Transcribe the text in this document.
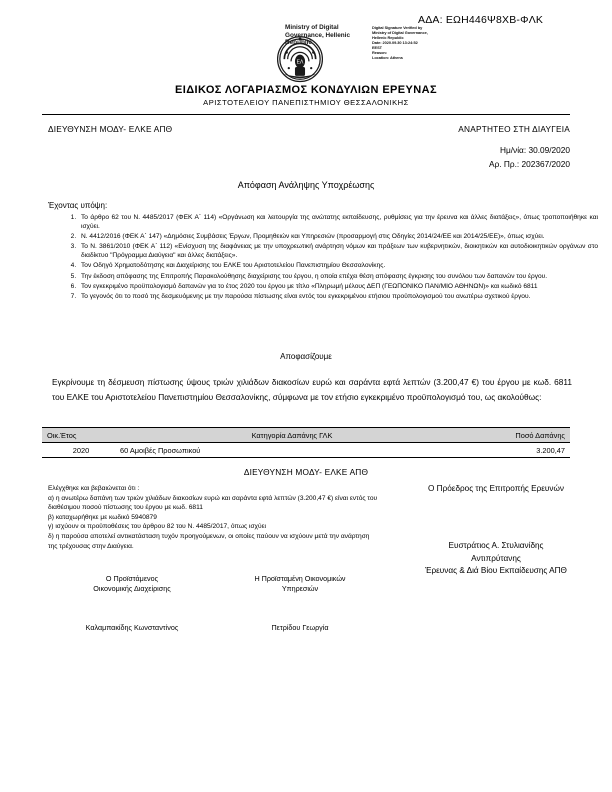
ΑΔΑ: ΕΩΗ446Ψ8ΧΒ-ΦΛΚ
ΕΛ
Ministry of Digital Governance, Hellenic Republic
Digital Signature Verified by
Ministry of Digital Governance,
Hellenic Republic
Date: 2020.09.30 13:24:52
EEST
Reason:
Location: Athens
ΕΙΔΙΚΟΣ ΛΟΓΑΡΙΑΣΜΟΣ ΚΟΝΔΥΛΙΩΝ ΕΡΕΥΝΑΣ
ΑΡΙΣΤΟΤΕΛΕΙΟΥ ΠΑΝΕΠΙΣΤΗΜΙΟΥ ΘΕΣΣΑΛΟΝΙΚΗΣ
ΔΙΕΥΘΥΝΣΗ ΜΟΔΥ- ΕΛΚΕ ΑΠΘ	ΑΝΑΡΤΗΤΕΟ ΣΤΗ ΔΙΑΥΓΕΙΑ
Ημ/νία: 30.09/2020
Αρ. Πρ.: 202367/2020
Απόφαση Ανάληψης Υποχρέωσης
Έχοντας υπόψη:
1. Το άρθρο 62 του Ν. 4485/2017 (ΦΕΚ Α΄ 114) «Οργάνωση και λειτουργία της ανώτατης εκπαίδευσης, ρυθμίσεις για την έρευνα και άλλες διατάξεις», όπως τροποποιήθηκε και ισχύει.
2. Ν. 4412/2016 (ΦΕΚ Α΄ 147) «Δημόσιες Συμβάσεις Έργων, Προμηθειών και Υπηρεσιών (προσαρμογή στις Οδηγίες 2014/24/ΕΕ και 2014/25/ΕΕ)», όπως ισχύει.
3. Το Ν. 3861/2010 (ΦΕΚ Α΄ 112) «Ενίσχυση της διαφάνειας με την υποχρεωτική ανάρτηση νόμων και πράξεων των κυβερνητικών, διοικητικών και αυτοδιοικητικών οργάνων στο διαδίκτυο "Πρόγραμμα Διαύγεια" και άλλες διατάξεις».
4. Τον Οδηγό Χρηματοδότησης και Διαχείρισης του ΕΛΚΕ του Αριστοτελείου Πανεπιστημίου Θεσσαλονίκης.
5. Την έκδοση απόφασης της Επιτροπής Παρακολούθησης διαχείρισης του έργου, η οποία επέχει θέση απόφασης έγκρισης του συνόλου των δαπανών του έργου.
6. Τον εγκεκριμένο προϋπολογισμό δαπανών για το έτος 2020 του έργου με τίτλο «Πληρωμή μέλους ΔΕΠ (ΓΕΩΠΟΝΙΚΟ ΠΑΝ/ΜΙΟ ΑΘΗΝΩΝ)» και κωδικό 6811
7. Το γεγονός ότι το ποσό της δεσμευόμενης με την παρούσα πίστωσης είναι εντός του εγκεκριμένου ετήσιου προϋπολογισμού του ανωτέρω σχετικού έργου.
Αποφασίζουμε
Εγκρίνουμε τη δέσμευση πίστωσης ύψους τριών χιλιάδων διακοσίων ευρώ και σαράντα εφτά λεπτών (3.200,47 €) του έργου με κωδ. 6811 του ΕΛΚΕ του Αριστοτελείου Πανεπιστημίου Θεσσαλονίκης, σύμφωνα με τον ετήσιο εγκεκριμένο προϋπολογισμό του, ως ακολούθως:
Οικ.Έτος	Κατηγορία Δαπάνης ΓΛΚ	Ποσό Δαπάνης
2020	60 Αμοιβές Προσωπικού	3.200,47
ΔΙΕΥΘΥΝΣΗ ΜΟΔΥ- ΕΛΚΕ ΑΠΘ
Ελέγχθηκε και βεβαιώνεται ότι :
α) η ανωτέρω δαπάνη των τριών χιλιάδων διακοσίων ευρώ και σαράντα εφτά λεπτών (3.200,47 €) είναι εντός του διαθέσιμου ποσού πίστωσης του έργου με κωδ. 6811
β) καταχωρήθηκε με κωδικό 5940879
γ) ισχύουν οι προϋποθέσεις του άρθρου 82 του Ν. 4485/2017, όπως ισχύει
δ) η παρούσα αποτελεί αντικατάσταση τυχόν προηγούμενων, οι οποίες παύουν να ισχύουν μετά την ανάρτηση της τρέχουσας στην Διαύγεια.
Ο Πρόεδρος της Επιτροπής Ερευνών
Ευστράτιος Α. Στυλιανίδης
Αντιπρύτανης
Έρευνας & Διά Βίου Εκπαίδευσης ΑΠΘ
Ο Προϊστάμενος
Οικονομικής Διαχείρισης
Η Προϊσταμένη Οικονομικών
Υπηρεσιών
Καλαμπακίδης Κωνσταντίνος	Πετρίδου Γεωργία
